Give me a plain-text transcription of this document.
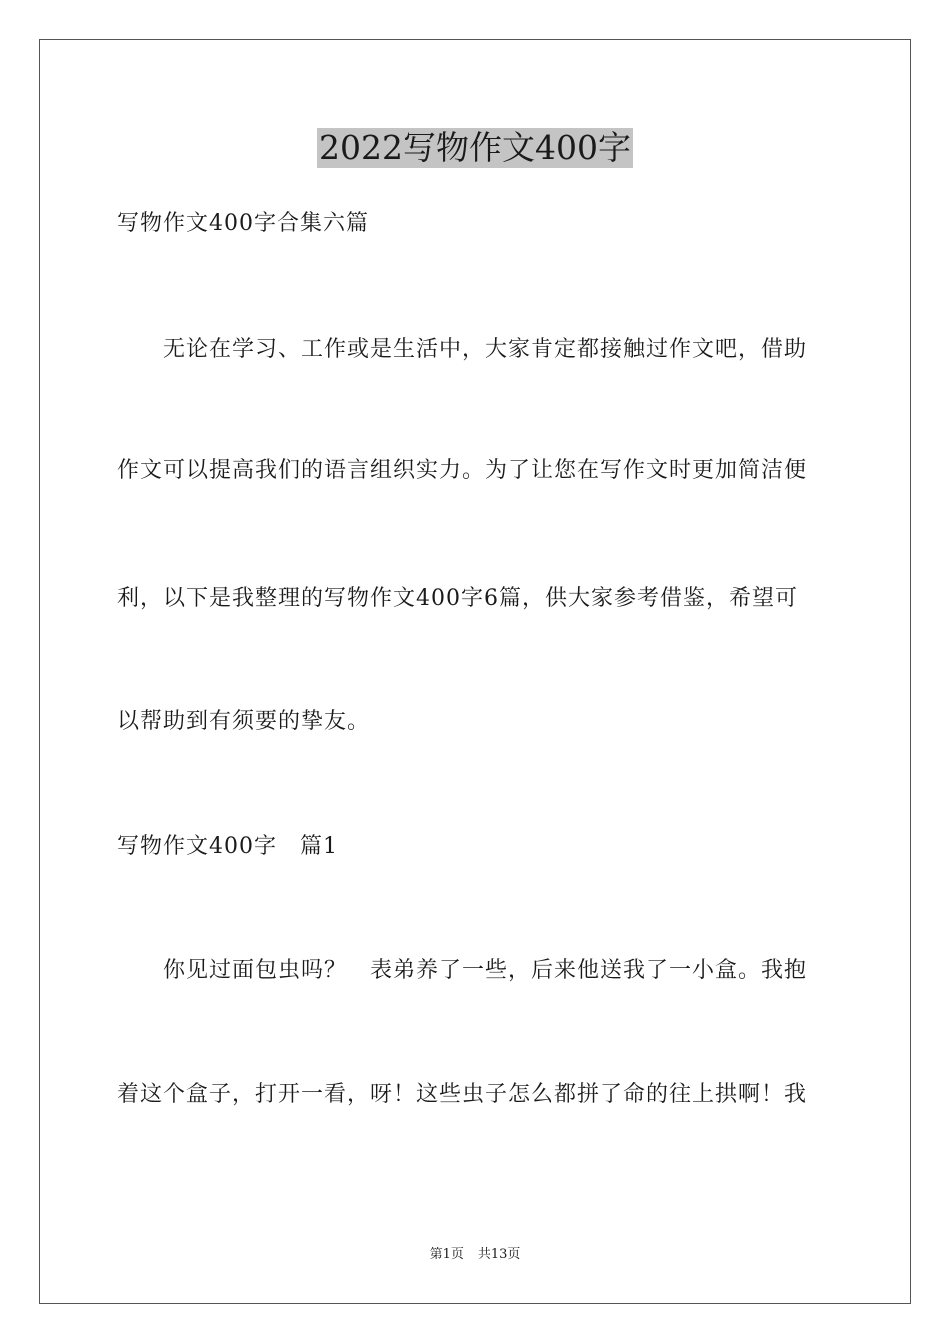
2022写物作文400字
写物作文400字合集六篇
　　无论在学习、工作或是生活中，大家肯定都接触过作文吧，借助
作文可以提高我们的语言组织实力。为了让您在写作文时更加简洁便
利，以下是我整理的写物作文400字6篇，供大家参考借鉴，希望可
以帮助到有须要的挚友。
写物作文400字　篇1
　　你见过面包虫吗？　表弟养了一些，后来他送我了一小盒。我抱
着这个盒子，打开一看，呀！这些虫子怎么都拼了命的往上拱啊！我
第1页 共13页
